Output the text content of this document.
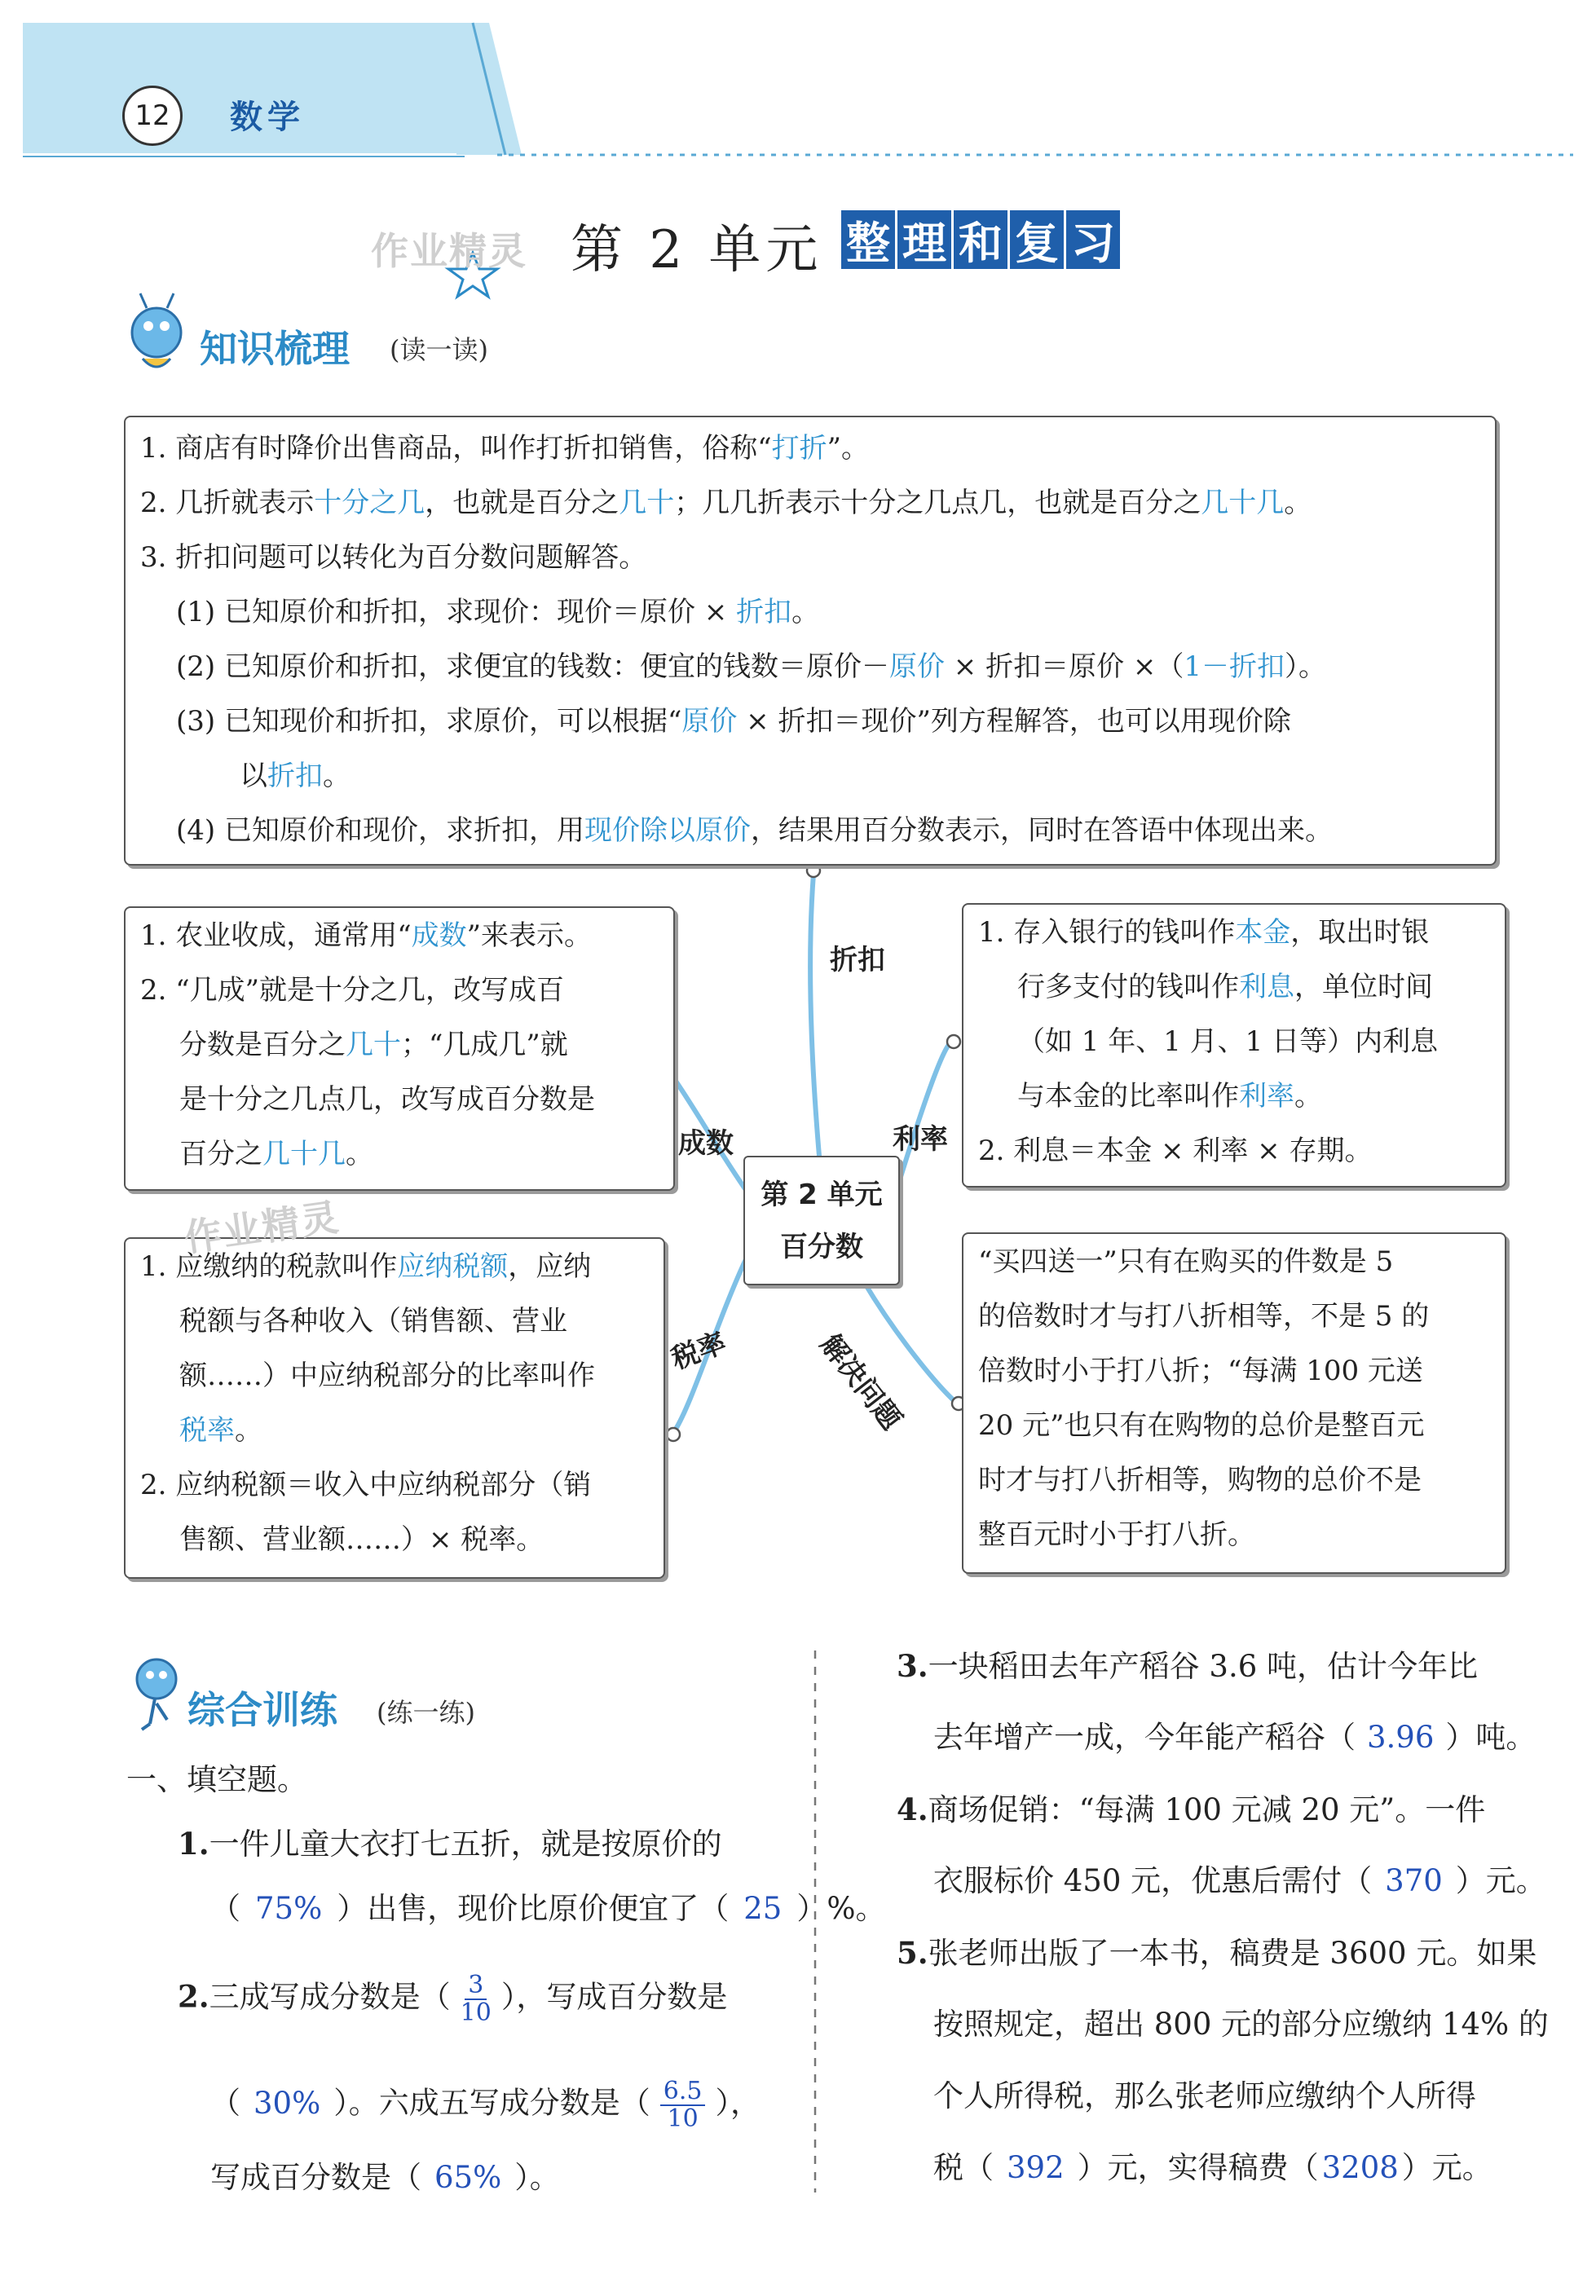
12	数学
作业精灵 第 2 单元 整 理 和 复 习
知识梳理 (读一读)
1. 商店有时降价出售商品，叫作打折扣销售，俗称“打折”。
2. 几折就表示十分之几，也就是百分之几十；几几折表示十分之几点几，也就是百分之几十几。
3. 折扣问题可以转化为百分数问题解答。
(1) 已知原价和折扣，求现价：现价＝原价 × 折扣。
(2) 已知原价和折扣，求便宜的钱数：便宜的钱数＝原价－原价 × 折扣＝原价 ×（1－折扣）。
(3) 已知现价和折扣，求原价，可以根据“原价 × 折扣＝现价”列方程解答，也可以用现价除
以折扣。
(4) 已知原价和现价，求折扣，用现价除以原价，结果用百分数表示，同时在答语中体现出来。
第 2 单元
百分数
折扣
成数	利率
税率	解决问题
1. 农业收成，通常用“成数”来表示。
2. “几成”就是十分之几，改写成百
分数是百分之几十；“几成几”就
是十分之几点几，改写成百分数是
百分之几十几。
1. 存入银行的钱叫作本金，取出时银
行多支付的钱叫作利息，单位时间
（如 1 年、1 月、1 日等）内利息
与本金的比率叫作利率。
2. 利息＝本金 × 利率 × 存期。
1. 应缴纳的税款叫作应纳税额，应纳
税额与各种收入（销售额、营业
额……）中应纳税部分的比率叫作
税率。
2. 应纳税额＝收入中应纳税部分（销
售额、营业额……）× 税率。
作业精灵
“买四送一”只有在购买的件数是 5
的倍数时才与打八折相等，不是 5 的
倍数时小于打八折；“每满 100 元送
20 元”也只有在购物的总价是整百元
时才与打八折相等，购物的总价不是
整百元时小于打八折。
综合训练 (练一练)
一、填空题。
1.一件儿童大衣打七五折，就是按原价的
（ 75% ）出售，现价比原价便宜了（ 25 ）%。
2.三成写成分数是（ $\frac{3}{10}$ ），写成百分数是
（ 30% ）。六成五写成分数是（ $\frac{6.5}{10}$ ），
写成百分数是（ 65% ）。
3.一块稻田去年产稻谷 3.6 吨，估计今年比
去年增产一成，今年能产稻谷（ 3.96 ）吨。
4.商场促销：“每满 100 元减 20 元”。一件
衣服标价 450 元，优惠后需付（ 370 ）元。
5.张老师出版了一本书，稿费是 3600 元。如果
按照规定，超出 800 元的部分应缴纳 14% 的
个人所得税，那么张老师应缴纳个人所得
税（ 392 ）元，实得稿费（ 3208 ）元。
